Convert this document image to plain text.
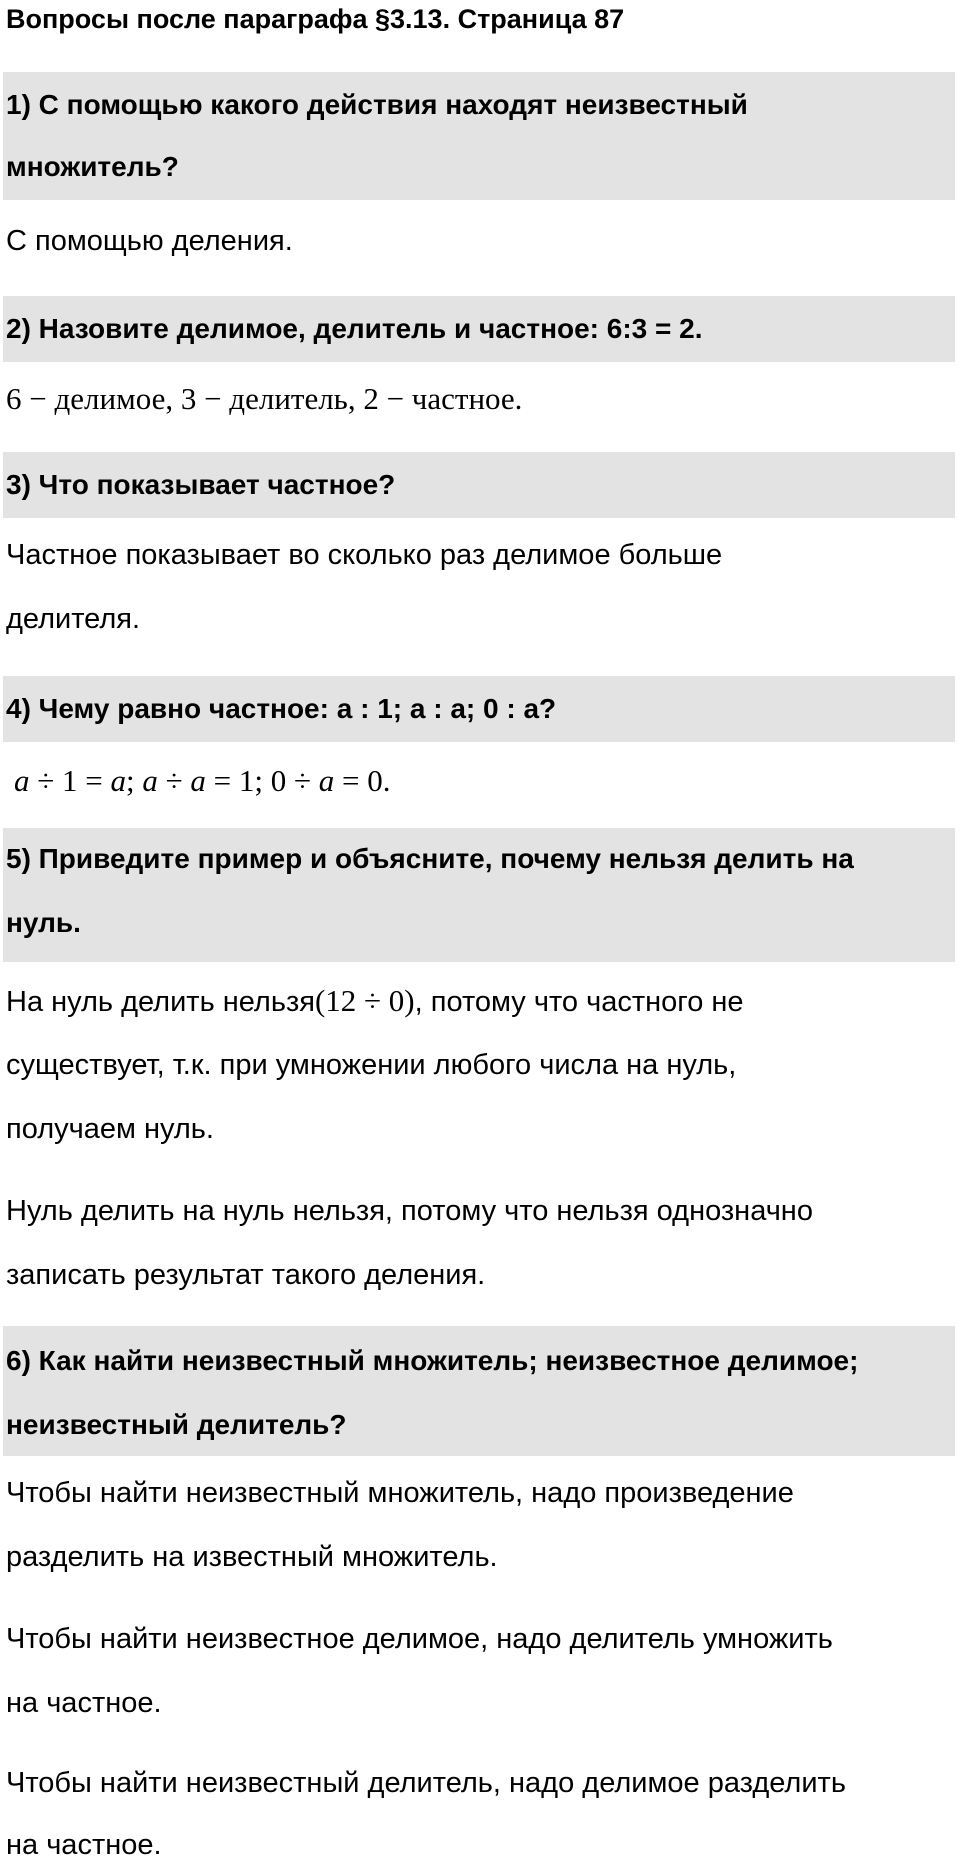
Вопросы после параграфа §3.13. Страница 87
1) С помощью какого действия находят неизвестный
множитель?
С помощью деления.
2) Назовите делимое, делитель и частное: 6:3 = 2.
6 − делимое, 3 − делитель, 2 − частное.
3) Что показывает частное?
Частное показывает во сколько раз делимое больше
делителя.
4) Чему равно частное: а : 1; а : а; 0 : а?
a ÷ 1 = a; a ÷ a = 1; 0 ÷ a = 0.
5) Приведите пример и объясните, почему нельзя делить на
нуль.
На нуль делить нельзя(12 ÷ 0), потому что частного не
существует, т.к. при умножении любого числа на нуль,
получаем нуль.
Нуль делить на нуль нельзя, потому что нельзя однозначно
записать результат такого деления.
6) Как найти неизвестный множитель; неизвестное делимое;
неизвестный делитель?
Чтобы найти неизвестный множитель, надо произведение
разделить на известный множитель.
Чтобы найти неизвестное делимое, надо делитель умножить
на частное.
Чтобы найти неизвестный делитель, надо делимое разделить
на частное.
